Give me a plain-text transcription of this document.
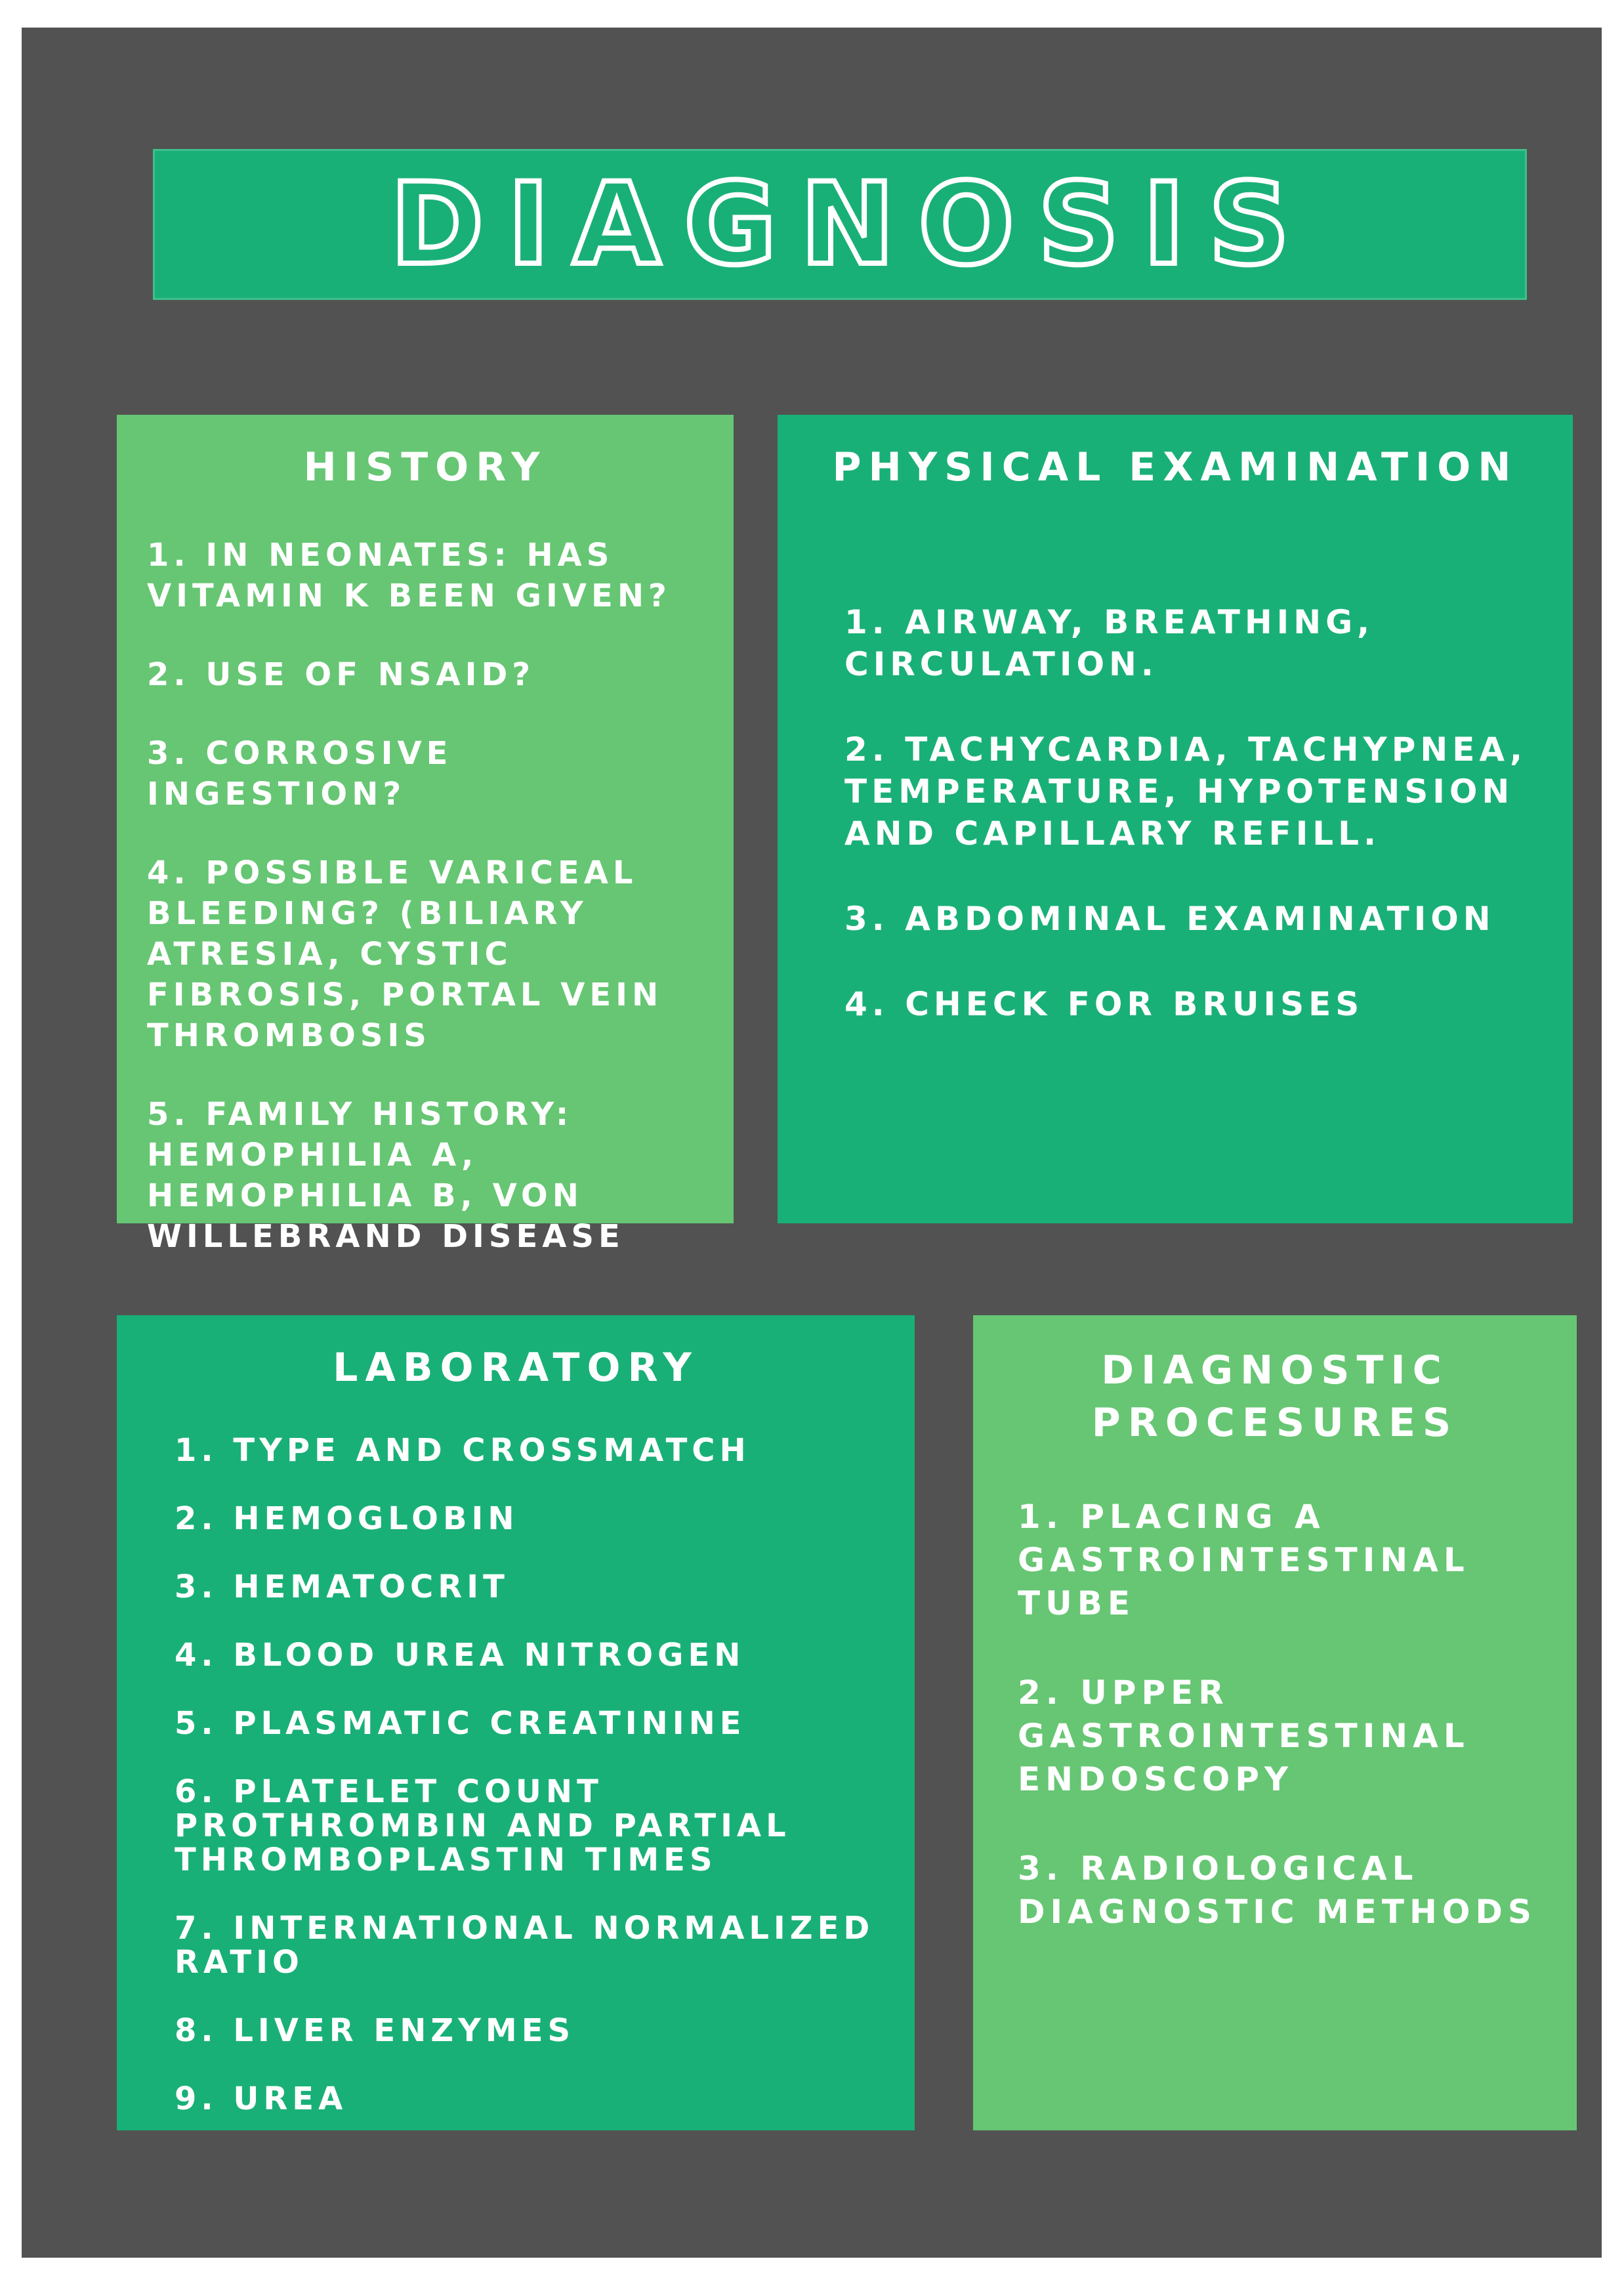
DIAGNOSIS
HISTORY
1. IN NEONATES: HAS VITAMIN K BEEN GIVEN?
2. USE OF NSAID?
3. CORROSIVE INGESTION?
4. POSSIBLE VARICEAL BLEEDING? (BILIARY ATRESIA, CYSTIC FIBROSIS, PORTAL VEIN THROMBOSIS
5. FAMILY HISTORY: HEMOPHILIA A, HEMOPHILIA B, VON WILLEBRAND DISEASE
PHYSICAL EXAMINATION
1. AIRWAY, BREATHING, CIRCULATION.
2. TACHYCARDIA, TACHYPNEA, TEMPERATURE, HYPOTENSION AND CAPILLARY REFILL.
3. ABDOMINAL EXAMINATION
4. CHECK FOR BRUISES
LABORATORY
1. TYPE AND CROSSMATCH
2. HEMOGLOBIN
3. HEMATOCRIT
4. BLOOD UREA NITROGEN
5. PLASMATIC CREATININE
6. PLATELET COUNT PROTHROMBIN AND PARTIAL THROMBOPLASTIN TIMES
7. INTERNATIONAL NORMALIZED RATIO
8. LIVER ENZYMES
9. UREA
DIAGNOSTIC PROCESURES
1. PLACING A GASTROINTESTINAL TUBE
2. UPPER GASTROINTESTINAL ENDOSCOPY
3. RADIOLOGICAL DIAGNOSTIC METHODS
